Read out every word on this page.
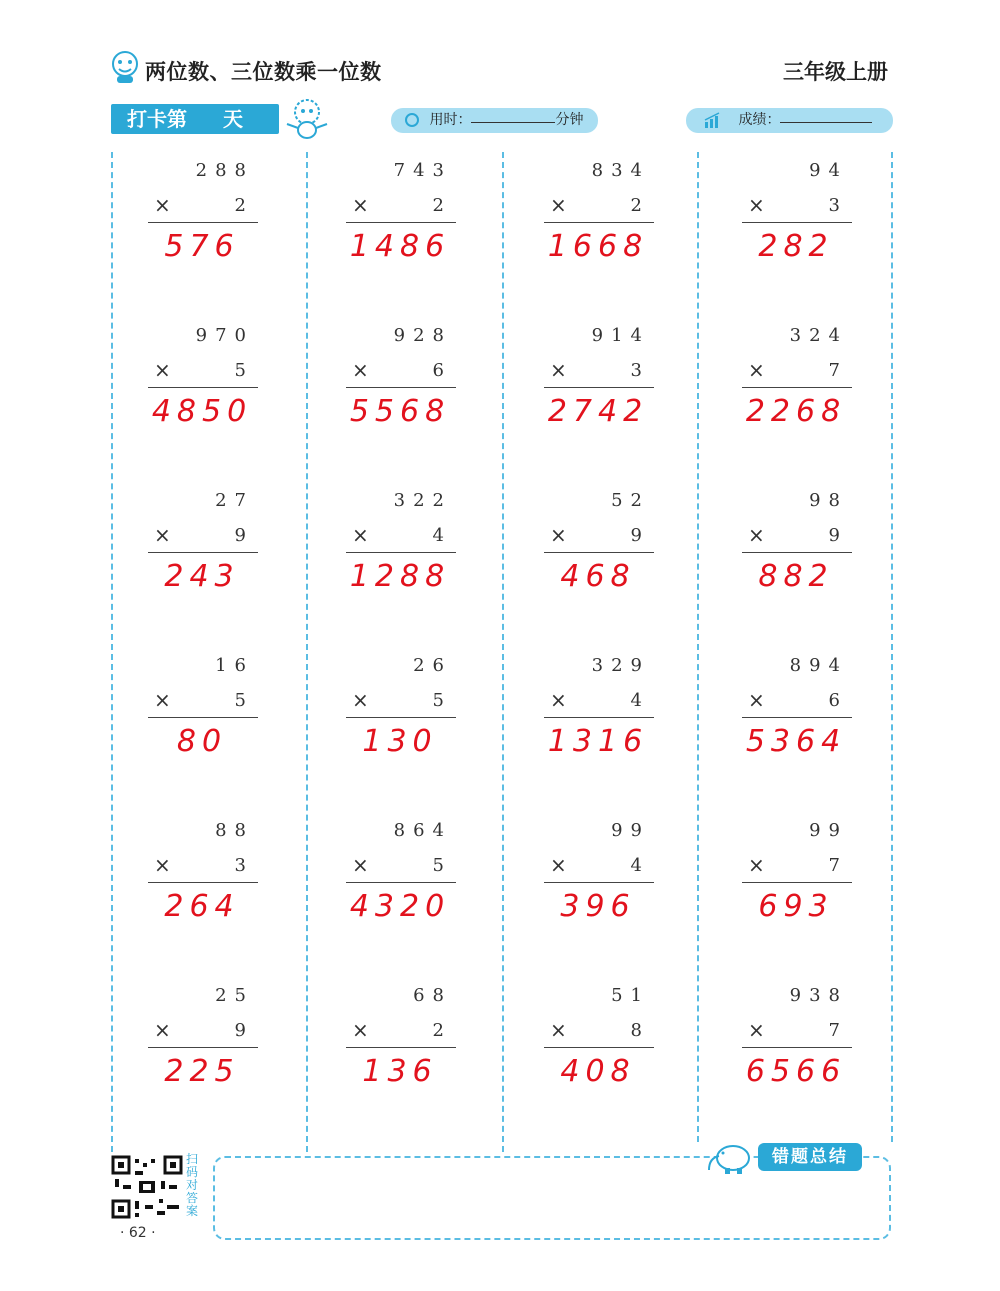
两位数、三位数乘一位数	三年级上册
打卡第 天	用时：	分钟	成绩：
288
×	2
576
743
×	2
1486
834
×	2
1668
94
×	3
282
970
×	5
4850
928
×	6
5568
914
×	3
2742
324
×	7
2268
27
×	9
243
322
×	4
1288
52
×	9
468
98
×	9
882
16
×	5
80
26
×	5
130
329
×	4
1316
894
×	6
5364
88
×	3
264
864
×	5
4320
99
×	4
396
99
×	7
693
25
×	9
225
68
×	2
136
51
×	8
408
938
×	7
6566
扫码对答案
· 62 ·
错题总结
